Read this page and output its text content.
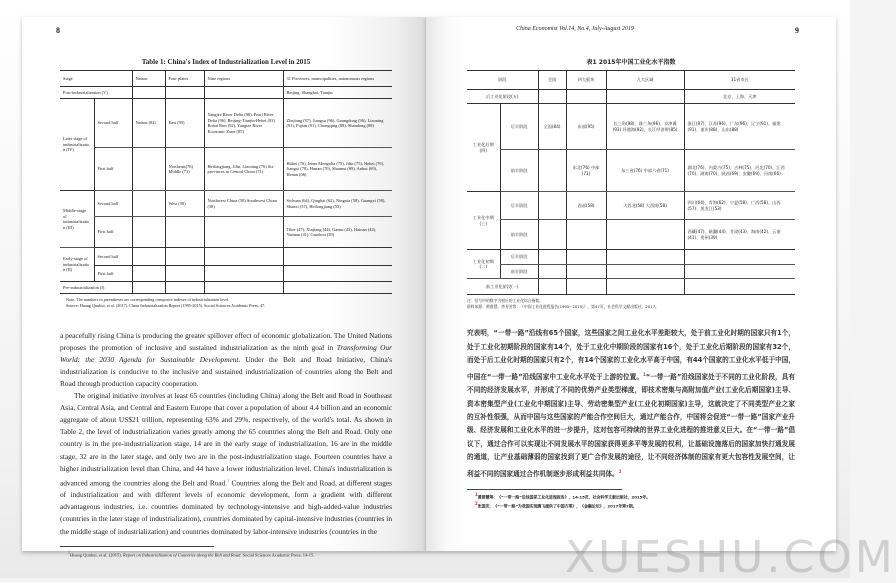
8
Table 1: China's Index of Industrialization Level in 2015
Stage		Nation	Four plates	Nine regions	31 Provinces, municipalities, autonomous regions
Post-industrialization (V)					Beijing, Shanghai, Tianjin
Later stage of industrialization (IV)	Second half	Nation (84)	East (95)	Yangtze River Delta (98), Pearl River Delta (96), Beijing-Tianjin-Hebei (93) Bohai Rim (92), Yangtze River Economic Zone (85)	Zhejiang (97), Jiangsu (96), Guangdong (96), Liaoning (91), Fujian (91), Chongqing (88), Shandong (88)
	First half		Northeast(76) Middle (71)	Heilongjiang, Jilin, Liaoning (76) Six provinces in Central China (71)	Hubei (76), Inner Mongolia (75), Jilin (75), Hebei (70), Jiangxi (70), Hunan (70), Shaanxi (69), Anhui (69), Henan (66)
Middle-stage of industrialization (III)	Second half		West (58)	Northwest China (58) Southwest China (58)	Sichuan (64), Qinghai (62), Ningxia (58), Guangxi (58), Shanxi (57), Heilongjiang (53)
	First half				Tibet (47), Xinjiang (44), Gansu (43), Hainan (42), Yunnan (41), Guizhou (39)
Early-stage of industrialization (II)	Second half				
	First half				
Pre-industrialization (I)					
Note: The numbers in parentheses are corresponding composite indexes of industrialization level.
Source: Huang Qunhui, et al. (2017). China Industrialization Report (1995-2015). Social Sciences Academic Press, 47.

a peacefully rising China is producing the greater spillover effect of economic globalization. The United Nations proposes the promotion of inclusive and sustained industrialization as the ninth goal in Transforming Our World: the 2030 Agenda for Sustainable Development. Under the Belt and Road Initiative, China's industrialization is conducive to the inclusive and sustained industrialization of countries along the Belt and Road through production capacity cooperation.

The original initiative involves at least 65 countries (including China) along the Belt and Road in Southeast Asia, Central Asia, and Central and Eastern Europe that cover a population of about 4.4 billion and an economic aggregate of about US$21 trillion, representing 63% and 29%, respectively, of the world's total. As shown in Table 2, the level of industrialization varies greatly among the 65 countries along the Belt and Road. Only one country is in the pre-industrialization stage, 14 are in the early stage of industrialization, 16 are in the middle stage, 32 are in the later stage, and only two are in the post-industrialization stage. Fourteen countries have a higher industrialization level than China, and 44 have a lower industrialization level. China's industrialization is advanced among the countries along the Belt and Road.$^1$ Countries along the Belt and Road, at different stages of industrialization and with different levels of economic development, form a gradient with different advantageous industries, i.e. countries dominated by technology-intensive and high-added-value industries (countries in the later stage of industrialization), countries dominated by capital-intensive industries (countries in the middle stage of industrialization) and countries dominated by labor-intensive industries (countries in the

$^1$Huang Qunhui, et al. (2015). Report on Industrialization of Countries along the Belt and Road. Social Sciences Academic Press, 14-15.
China Economist Vol.14, No.4, July-August 2019	9
表1 2015年中国工业化水平指数
阶段		全国	四大板块	九大区域	31省市区
后工业化阶段(五)					北京、上海、天津
工业化后期(四)	后半阶段	全国(84)	东部(95)	长三角(98)、珠三角(96)、京津冀(93) 环渤海(92)、长江经济带(85)	浙江(97)、江苏(96)、广东(96)、辽宁(91)、福建(91)、重庆(88)、山东(88)
	前半阶段		东北(76) 中部(71)	东三省(76) 中部六省(71)	湖北(76)、内蒙古(75)、吉林(75)、河北(70)、江西(70)、湖南(70)、陕西(69)、安徽(69)、河南(66)
工业化中期(三)	后半阶段		西部(58)	大西北(58) 大西南(58)	四川(64)、青海(62)、宁夏(58)、广西(58)、山西(57)、黑龙江(53)
	前半阶段				西藏(47)、新疆(44)、甘肃(43)、海南(42)、云南(41)、贵州(39)
工业化初期(二)	后半阶段				
	前半阶段				
前工业化阶段(一)					
注：括号中的数字为相应的工业化综合指数。
资料来源：黄群慧、李芳芳等：《中国工业化进程报告(1995~2015)》，第47页，社会科学文献出版社，2017。
究表明，“一带一路”沿线有65个国家，这些国家之间工业化水平差距较大，处于前工业化时期的国家只有1个，处于工业化初期阶段的国家有14个，处于工业化中期阶段的国家有16个，处于工业化后期阶段的国家有32个，而处于后工业化时期的国家只有2个，有14个国家的工业化水平高于中国，有44个国家的工业化水平低于中国，中国在“一带一路”沿线国家中工业化水平处于上游的位置。$^1$“一带一路”沿线国家处于不同的工业化阶段，具有不同的经济发展水平，并形成了不同的优势产业类型梯度，即技术密集与高附加值产业(工业化后期国家)主导、资本密集型产业(工业化中期国家)主导、劳动密集型产业(工业化初期国家)主导，这就决定了不同类型产业之家的互补性很强，从而中国与这些国家的产能合作空间巨大，通过产能合作，中国将会促进“一带一路”国家产业升级、经济发展和工业化水平的进一步提升，这对包容可持续的世界工业化进程的推进意义巨大。在“一带一路”倡议下，通过合作可以实现让不同发展水平的国家获得更多平等发展的权利，让基础设施落后的国家加快打通发展的通道，让产业基础薄弱的国家找到了更广合作发展的途径，让不同经济体制的国家有更大包容性发展空间，让利益不同的国家通过合作机制逐步形成利益共同体。$^2$
$^1$黄群慧等：《“一带一路”沿线国家工业化进程报告》，14-15页，社会科学文献出版社，2015年。
$^2$张国庆：《“一带一路”为我国实现腾飞提供了中国方案》，《金融论坛》，2017年第7期。
XUESHU.COM
